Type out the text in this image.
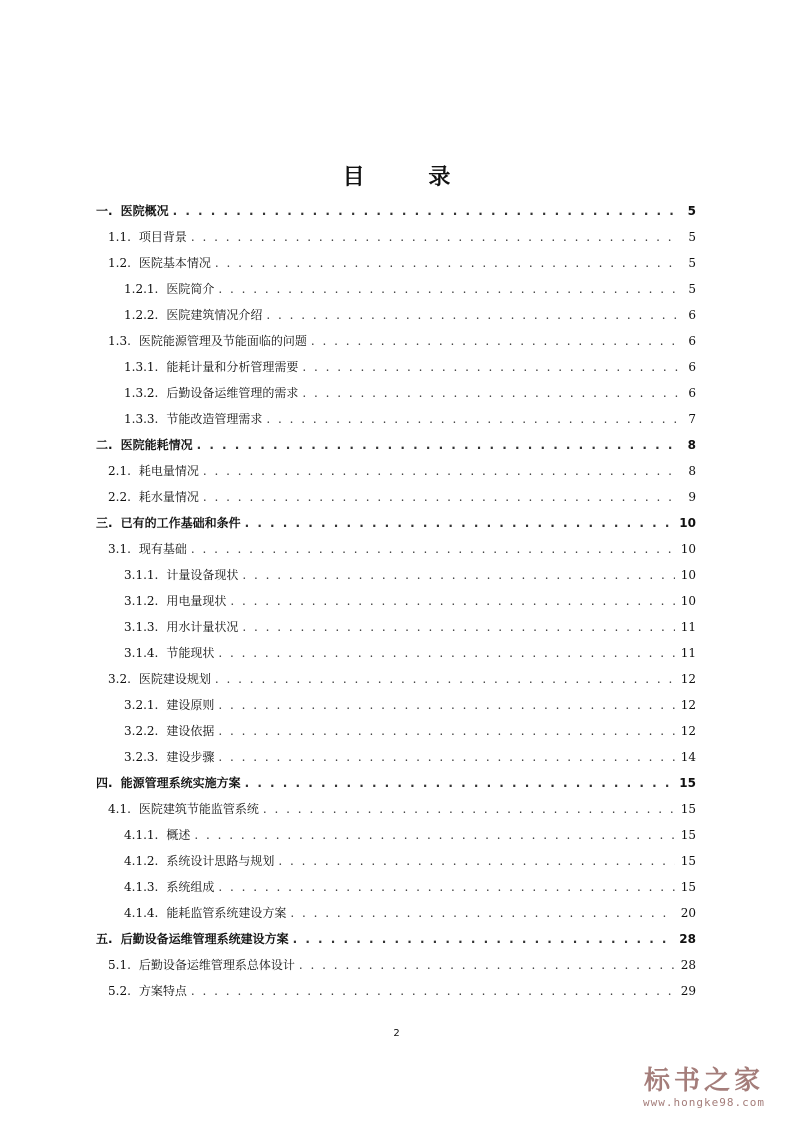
目 录
一. 医院概况 . . .	5
1.1. 项目背景 . . .	5
1.2. 医院基本情况 . . .	5
1.2.1. 医院简介 . . .	5
1.2.2. 医院建筑情况介绍 . . .	6
1.3. 医院能源管理及节能面临的问题 . . .	6
1.3.1. 能耗计量和分析管理需要 . . .	6
1.3.2. 后勤设备运维管理的需求 . . .	6
1.3.3. 节能改造管理需求 . . .	7
二. 医院能耗情况 . . .	8
2.1. 耗电量情况 . . .	8
2.2. 耗水量情况 . . .	9
三. 已有的工作基础和条件 . . .	10
3.1. 现有基础 . . .	10
3.1.1. 计量设备现状 . . .	10
3.1.2. 用电量现状 . . .	10
3.1.3. 用水计量状况 . . .	11
3.1.4. 节能现状 . . .	11
3.2. 医院建设规划 . . .	12
3.2.1. 建设原则 . . .	12
3.2.2. 建设依据 . . .	12
3.2.3. 建设步骤 . . .	14
四. 能源管理系统实施方案 . . .	15
4.1. 医院建筑节能监管系统 . . .	15
4.1.1. 概述 . . .	15
4.1.2. 系统设计思路与规划 . . .	15
4.1.3. 系统组成 . . .	15
4.1.4. 能耗监管系统建设方案 . . .	20
五. 后勤设备运维管理系统建设方案 . . .	28
5.1. 后勤设备运维管理系总体设计 . . .	28
5.2. 方案特点 . . .	29
2
标书之家
www.hongke98.com
